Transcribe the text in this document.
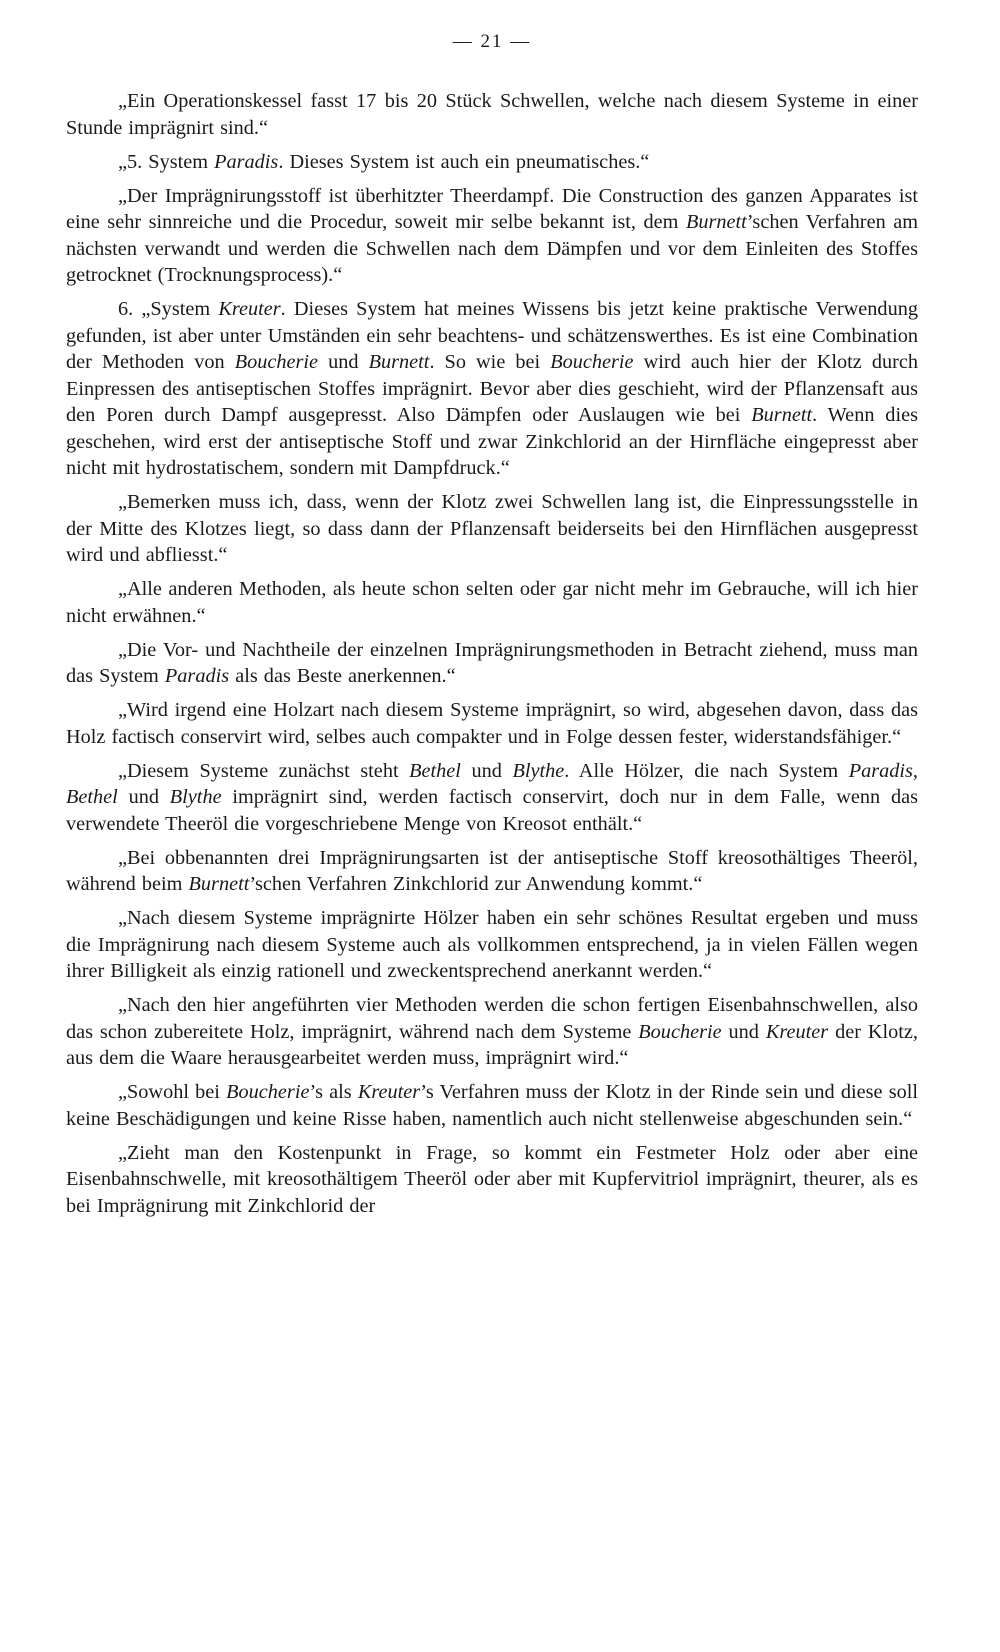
— 21 —

„Ein Operationskessel fasst 17 bis 20 Stück Schwellen, welche nach diesem Systeme in einer Stunde imprägnirt sind.“

„5. System Paradis. Dieses System ist auch ein pneumatisches.“

„Der Imprägnirungsstoff ist überhitzter Theerdampf. Die Construction des ganzen Apparates ist eine sehr sinnreiche und die Procedur, soweit mir selbe bekannt ist, dem Burnett’schen Verfahren am nächsten verwandt und werden die Schwellen nach dem Dämpfen und vor dem Einleiten des Stoffes getrocknet (Trocknungsprocess).“

6. „System Kreuter. Dieses System hat meines Wissens bis jetzt keine praktische Verwendung gefunden, ist aber unter Umständen ein sehr beachtens- und schätzenswerthes. Es ist eine Combination der Methoden von Boucherie und Burnett. So wie bei Boucherie wird auch hier der Klotz durch Einpressen des antiseptischen Stoffes imprägnirt. Bevor aber dies geschieht, wird der Pflanzensaft aus den Poren durch Dampf ausgepresst. Also Dämpfen oder Auslaugen wie bei Burnett. Wenn dies geschehen, wird erst der antiseptische Stoff und zwar Zinkchlorid an der Hirnfläche eingepresst aber nicht mit hydrostatischem, sondern mit Dampfdruck.“

„Bemerken muss ich, dass, wenn der Klotz zwei Schwellen lang ist, die Einpressungsstelle in der Mitte des Klotzes liegt, so dass dann der Pflanzensaft beiderseits bei den Hirnflächen ausgepresst wird und abfliesst.“

„Alle anderen Methoden, als heute schon selten oder gar nicht mehr im Gebrauche, will ich hier nicht erwähnen.“

„Die Vor- und Nachtheile der einzelnen Imprägnirungsmethoden in Betracht ziehend, muss man das System Paradis als das Beste anerkennen.“

„Wird irgend eine Holzart nach diesem Systeme imprägnirt, so wird, abgesehen davon, dass das Holz factisch conservirt wird, selbes auch compakter und in Folge dessen fester, widerstandsfähiger.“

„Diesem Systeme zunächst steht Bethel und Blythe. Alle Hölzer, die nach System Paradis, Bethel und Blythe imprägnirt sind, werden factisch conservirt, doch nur in dem Falle, wenn das verwendete Theeröl die vorgeschriebene Menge von Kreosot enthält.“

„Bei obbenannten drei Imprägnirungsarten ist der antiseptische Stoff kreosothältiges Theeröl, während beim Burnett’schen Verfahren Zinkchlorid zur Anwendung kommt.“

„Nach diesem Systeme imprägnirte Hölzer haben ein sehr schönes Resultat ergeben und muss die Imprägnirung nach diesem Systeme auch als vollkommen entsprechend, ja in vielen Fällen wegen ihrer Billigkeit als einzig rationell und zweckentsprechend anerkannt werden.“

„Nach den hier angeführten vier Methoden werden die schon fertigen Eisenbahnschwellen, also das schon zubereitete Holz, imprägnirt, während nach dem Systeme Boucherie und Kreuter der Klotz, aus dem die Waare herausgearbeitet werden muss, imprägnirt wird.“

„Sowohl bei Boucherie’s als Kreuter’s Verfahren muss der Klotz in der Rinde sein und diese soll keine Beschädigungen und keine Risse haben, namentlich auch nicht stellenweise abgeschunden sein.“

„Zieht man den Kostenpunkt in Frage, so kommt ein Festmeter Holz oder aber eine Eisenbahnschwelle, mit kreosothältigem Theeröl oder aber mit Kupfervitriol imprägnirt, theurer, als es bei Imprägnirung mit Zinkchlorid der
